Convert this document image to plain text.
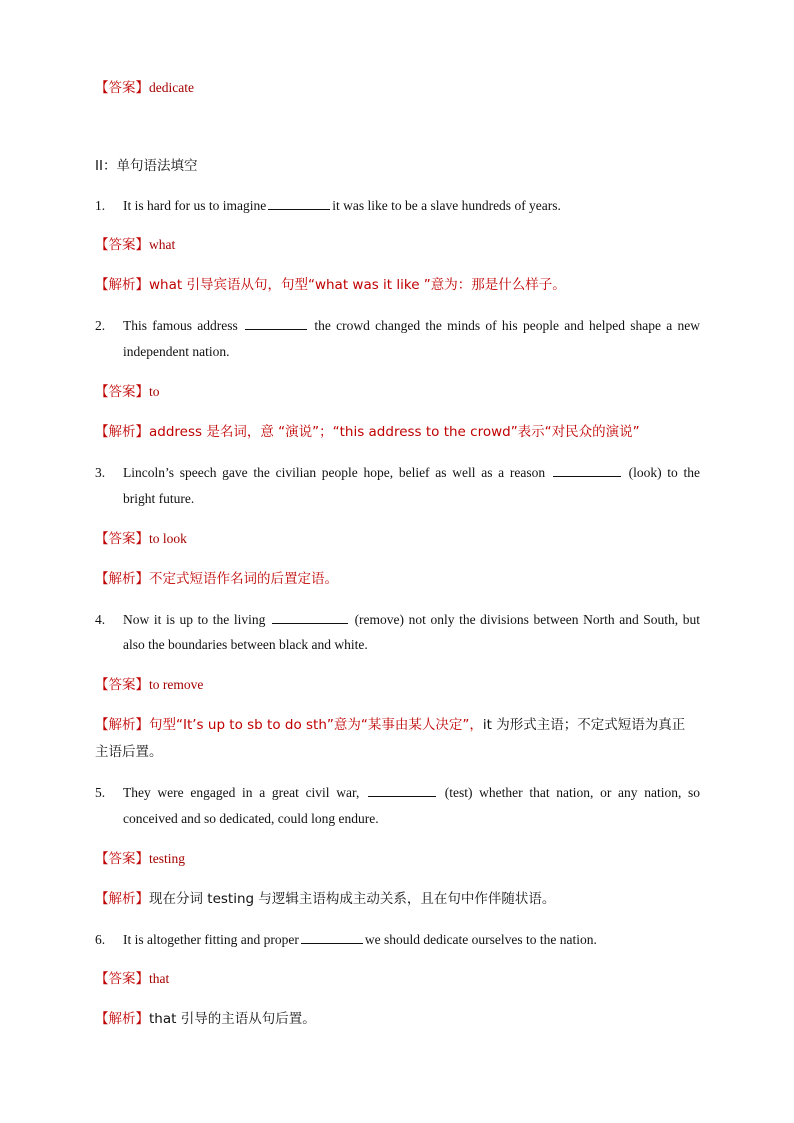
【答案】dedicate
II：单句语法填空
1. It is hard for us to imagine	it was like to be a slave hundreds of years.
【答案】what
【解析】what 引导宾语从句，句型“what was it like ”意为：那是什么样子。
2. This famous address	the crowd changed the minds of his people and helped shape a new
independent nation.
【答案】to
【解析】address 是名词，意 “演说”；“this address to the crowd”表示“对民众的演说”
3. Lincoln’s speech gave the civilian people hope, belief as well as a reason	(look) to the
bright future.
【答案】to look
【解析】不定式短语作名词的后置定语。
4. Now it is up to the living	(remove) not only the divisions between North and South, but
also the boundaries between black and white.
【答案】to remove
【解析】句型“It’s up to sb to do sth”意为“某事由某人决定”，it 为形式主语；不定式短语为真正
主语后置。
5. They were engaged in a great civil war,	(test) whether that nation, or any nation, so
conceived and so dedicated, could long endure.
【答案】testing
【解析】现在分词 testing 与逻辑主语构成主动关系，且在句中作伴随状语。
6. It is altogether fitting and proper	we should dedicate ourselves to the nation.
【答案】that
【解析】that 引导的主语从句后置。
